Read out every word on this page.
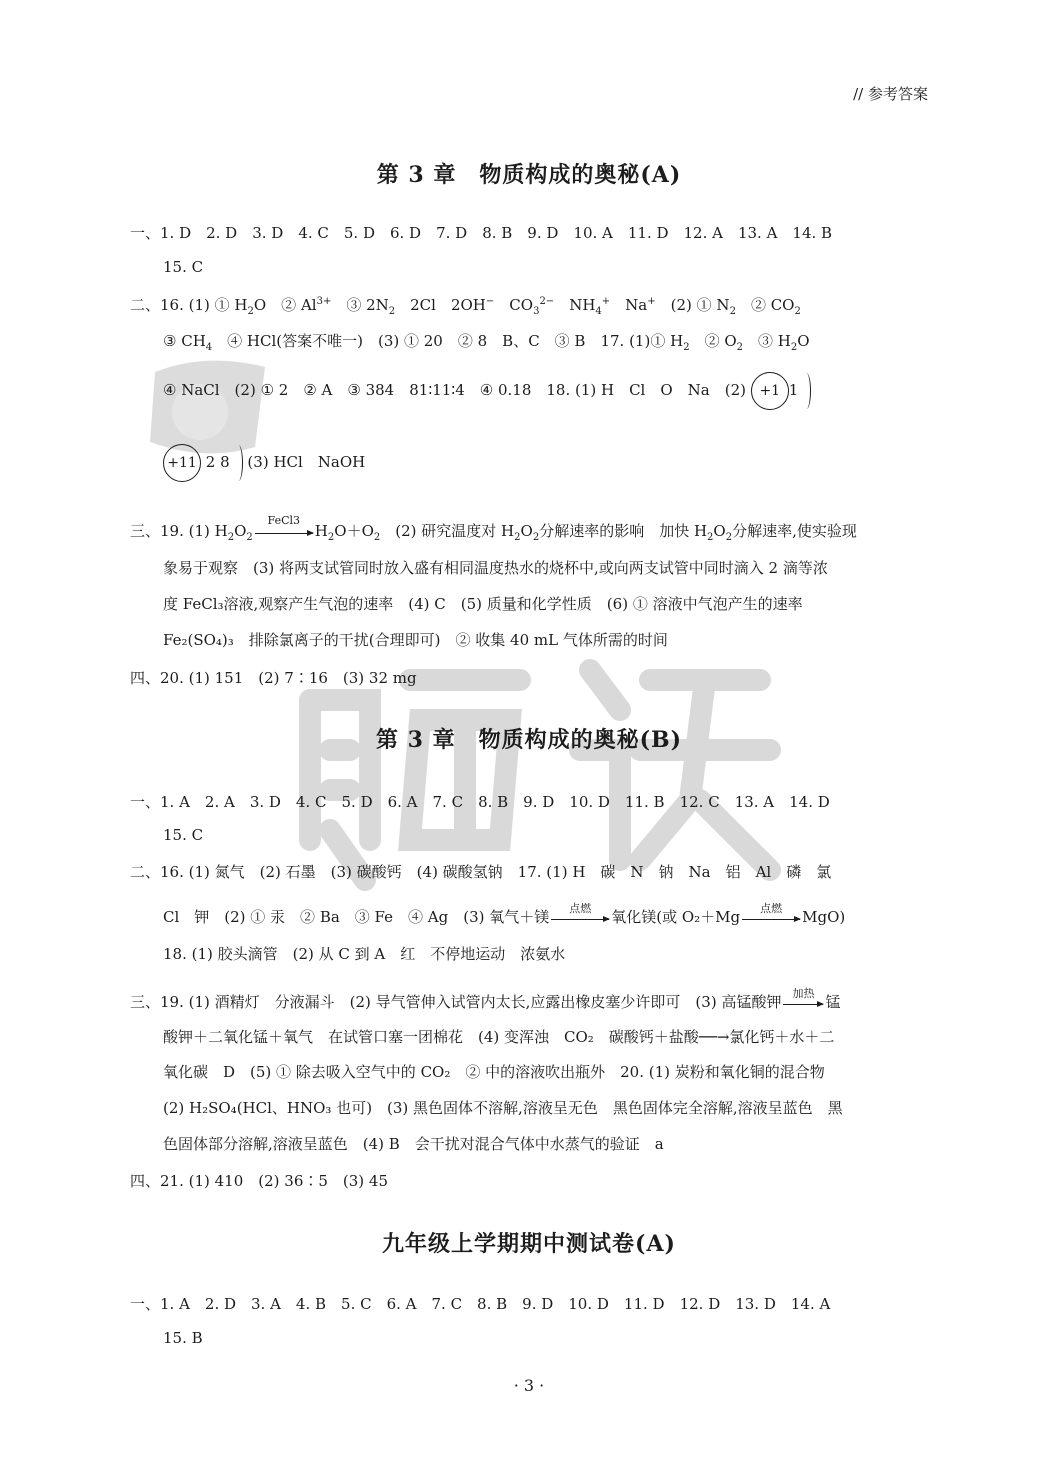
// 参考答案
第 3 章　物质构成的奥秘(A)
一、1. D　2. D　3. D　4. C　5. D　6. D　7. D　8. B　9. D　10. A　11. D　12. A　13. A　14. B
15. C
二、16. (1) ① $H_2O$　② $Al^{3+}$　③ $2N_2$　2Cl　2OH−　$CO_3^{2-}$　$NH_4^+$　Na+　(2) ① $N_2$　② $CO_2$
③ $CH_4$　④ HCl(答案不唯一)　(3) ① 20　② 8　B、C　③ B　17. (1)① $H_2$　② $O_2$　③ $H_2O$
④ NaCl　(2) ① 2　② A　③ 384　81∶11∶4　④ 0.18　18. (1) H　Cl　O　Na　(2) +1 1
+11 2 8 (3) HCl　NaOH
三、19. (1) $H_2O_2$
FeCl3
$H_2O+O_2$　(2) 研究温度对 $H_2O_2$分解速率的影响　加快 $H_2O_2$分解速率,使实验现
象易于观察　(3) 将两支试管同时放入盛有相同温度热水的烧杯中,或向两支试管中同时滴入 2 滴等浓
度 FeCl₃溶液,观察产生气泡的速率　(4) C　(5) 质量和化学性质　(6) ① 溶液中气泡产生的速率
Fe₂(SO₄)₃　排除氯离子的干扰(合理即可)　② 收集 40 mL 气体所需的时间
四、20. (1) 151　(2) 7∶16　(3) 32 mg
第 3 章　物质构成的奥秘(B)
一、1. A　2. A　3. D　4. C　5. D　6. A　7. C　8. B　9. D　10. D　11. B　12. C　13. A　14. D
15. C
二、16. (1) 氮气　(2) 石墨　(3) 碳酸钙　(4) 碳酸氢钠　17. (1) H　碳　N　钠　Na　铝　Al　磷　氯
Cl　钾　(2) ① 汞　② Ba　③ Fe　④ Ag　(3) 氧气＋镁	点燃	氧化镁(或 O₂＋Mg	点燃	MgO)
18. (1) 胶头滴管　(2) 从 C 到 A　红　不停地运动　浓氨水
三、19. (1) 酒精灯　分液漏斗　(2) 导气管伸入试管内太长,应露出橡皮塞少许即可　(3) 高锰酸钾	加热 锰
酸钾＋二氧化锰＋氧气　在试管口塞一团棉花　(4) 变浑浊　CO₂　碳酸钙＋盐酸──→氯化钙＋水＋二
氧化碳　D　(5) ① 除去吸入空气中的 CO₂　② 中的溶液吹出瓶外　20. (1) 炭粉和氧化铜的混合物
(2) H₂SO₄(HCl、HNO₃ 也可)　(3) 黑色固体不溶解,溶液呈无色　黑色固体完全溶解,溶液呈蓝色　黑
色固体部分溶解,溶液呈蓝色　(4) B　会干扰对混合气体中水蒸气的验证　a
四、21. (1) 410　(2) 36∶5　(3) 45
九年级上学期期中测试卷(A)
一、1. A　2. D　3. A　4. B　5. C　6. A　7. C　8. B　9. D　10. D　11. D　12. D　13. D　14. A
15. B
· 3 ·
